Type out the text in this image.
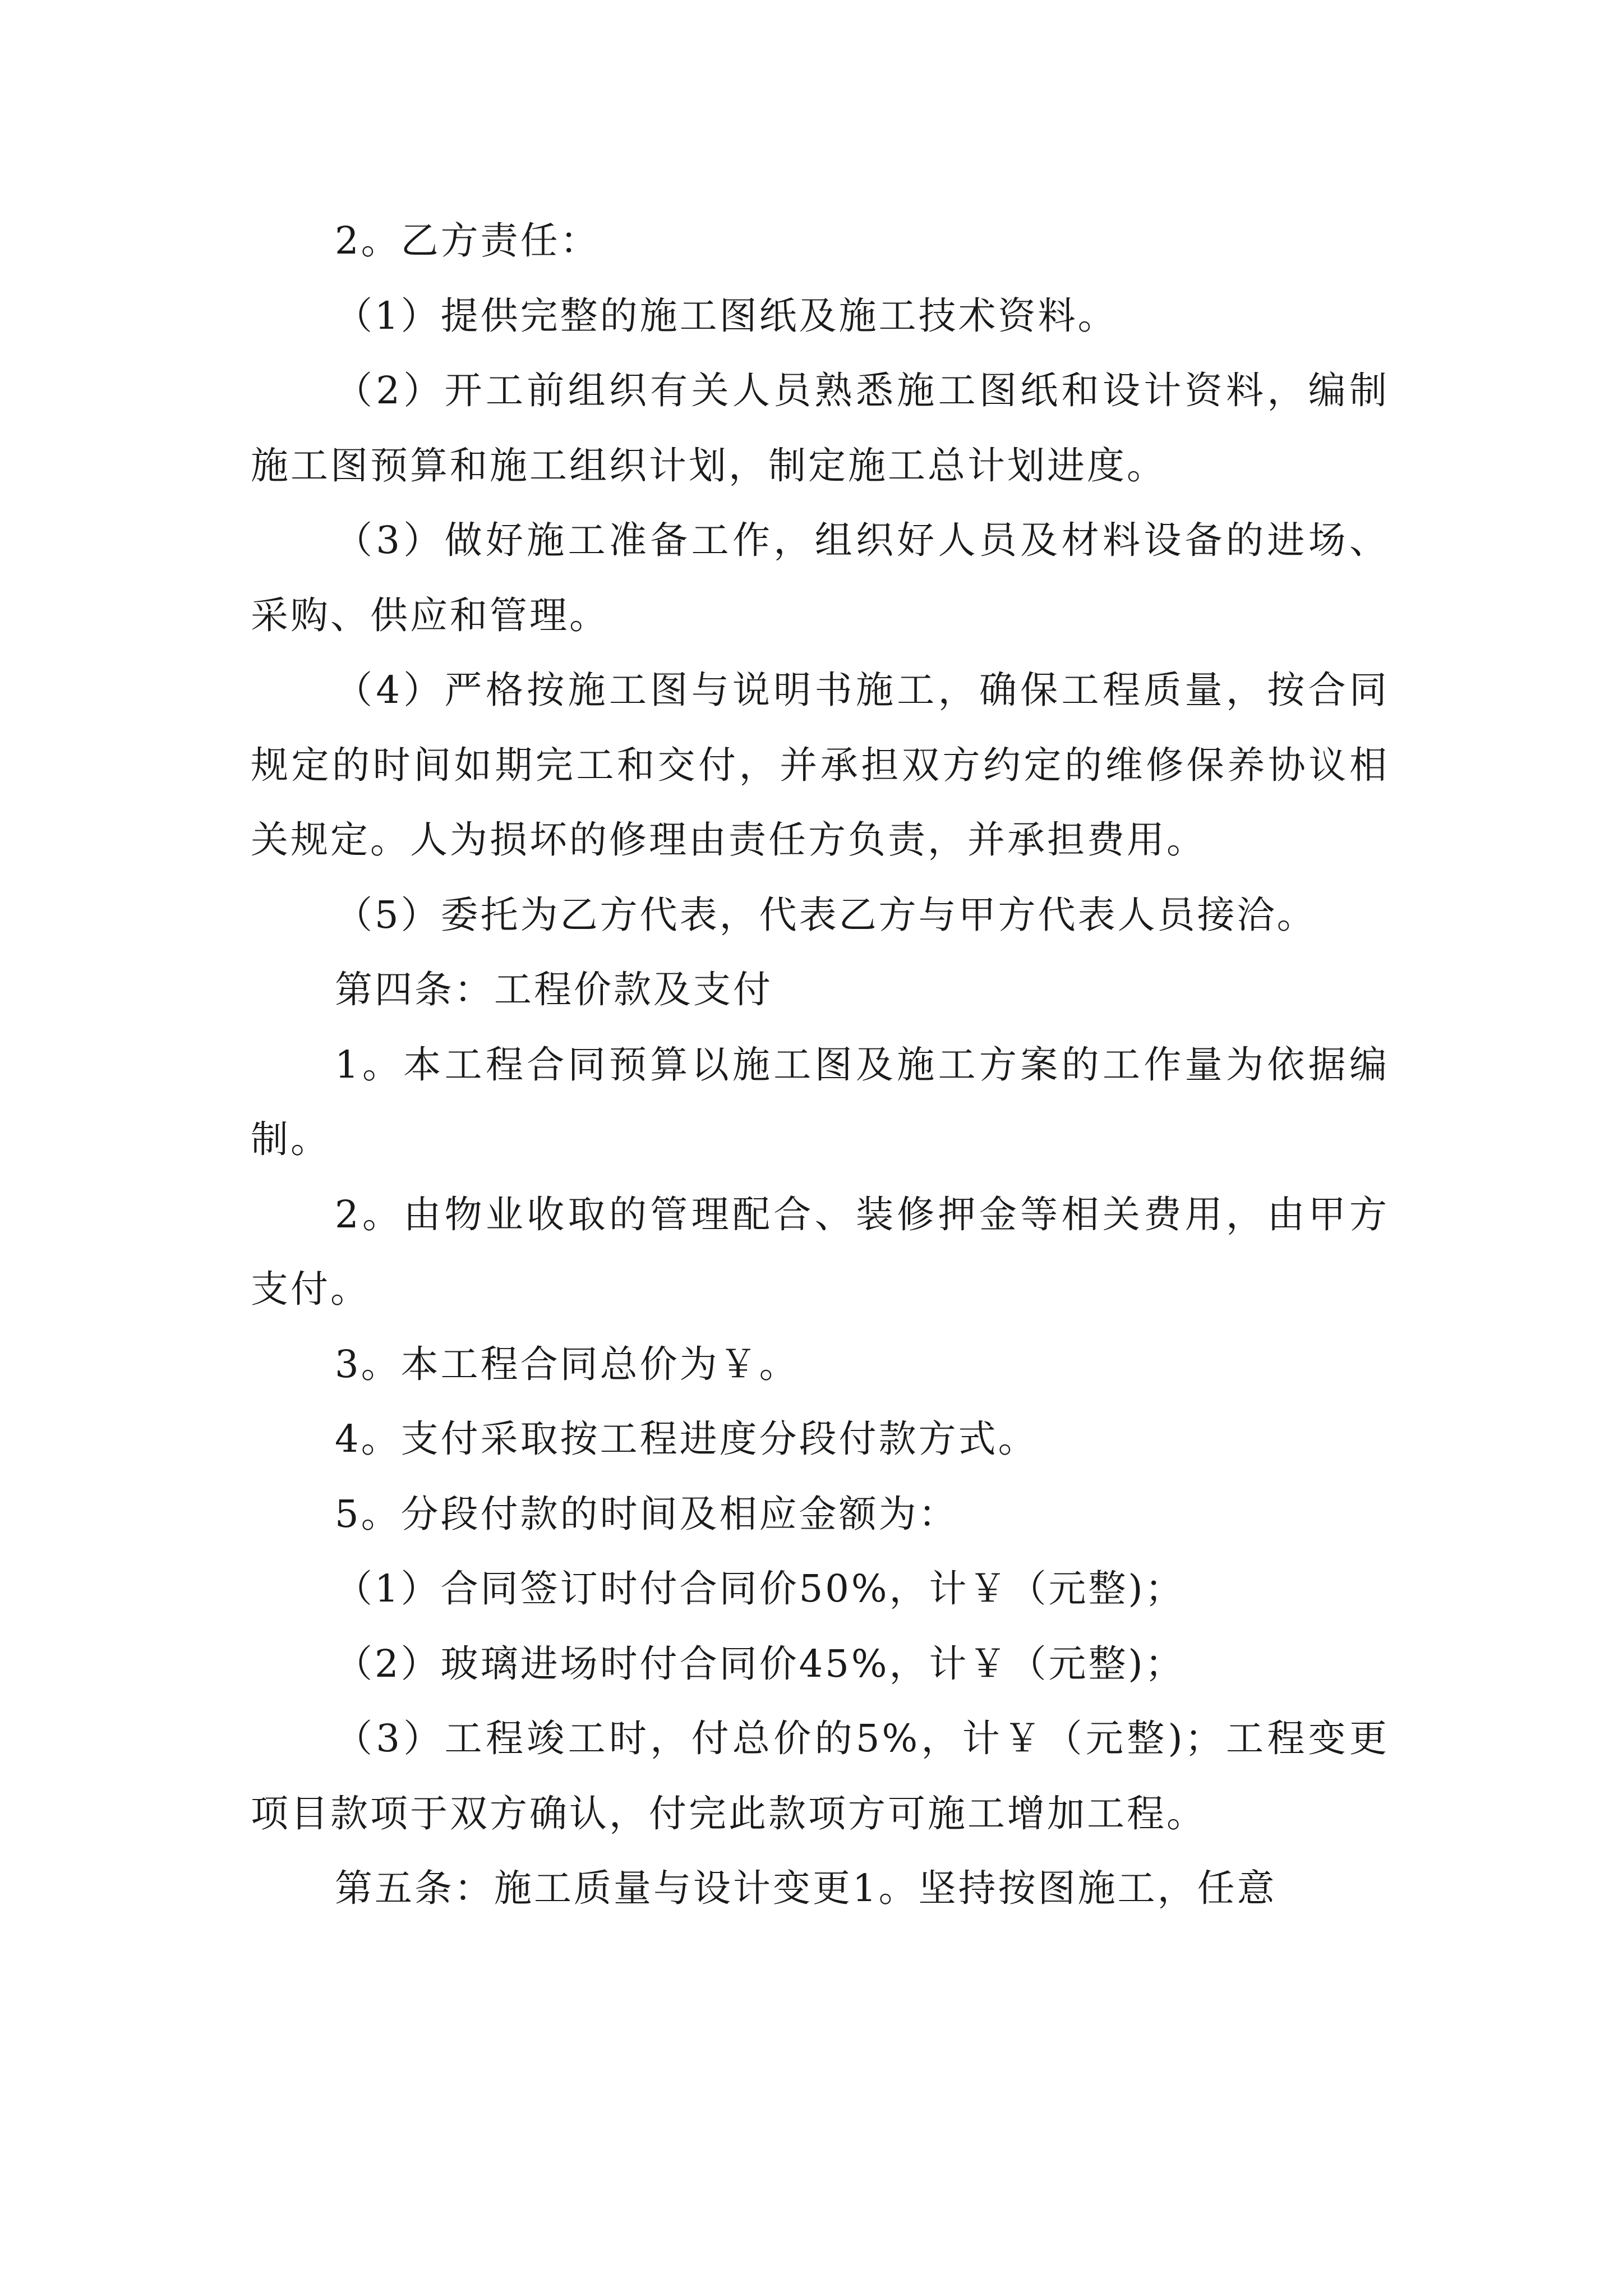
2。乙方责任：

（1）提供完整的施工图纸及施工技术资料。

（2）开工前组织有关人员熟悉施工图纸和设计资料，编制施工图预算和施工组织计划，制定施工总计划进度。

（3）做好施工准备工作，组织好人员及材料设备的进场、采购、供应和管理。

（4）严格按施工图与说明书施工，确保工程质量，按合同规定的时间如期完工和交付，并承担双方约定的维修保养协议相关规定。人为损坏的修理由责任方负责，并承担费用。

（5）委托为乙方代表，代表乙方与甲方代表人员接洽。

第四条：工程价款及支付

1。本工程合同预算以施工图及施工方案的工作量为依据编制。

2。由物业收取的管理配合、装修押金等相关费用，由甲方支付。

3。本工程合同总价为￥。

4。支付采取按工程进度分段付款方式。

5。分段付款的时间及相应金额为：

（1）合同签订时付合同价50%，计￥（元整)；

（2）玻璃进场时付合同价45%，计￥（元整)；

（3）工程竣工时，付总价的5%，计￥（元整)；工程变更项目款项于双方确认，付完此款项方可施工增加工程。

第五条：施工质量与设计变更1。坚持按图施工，任意
